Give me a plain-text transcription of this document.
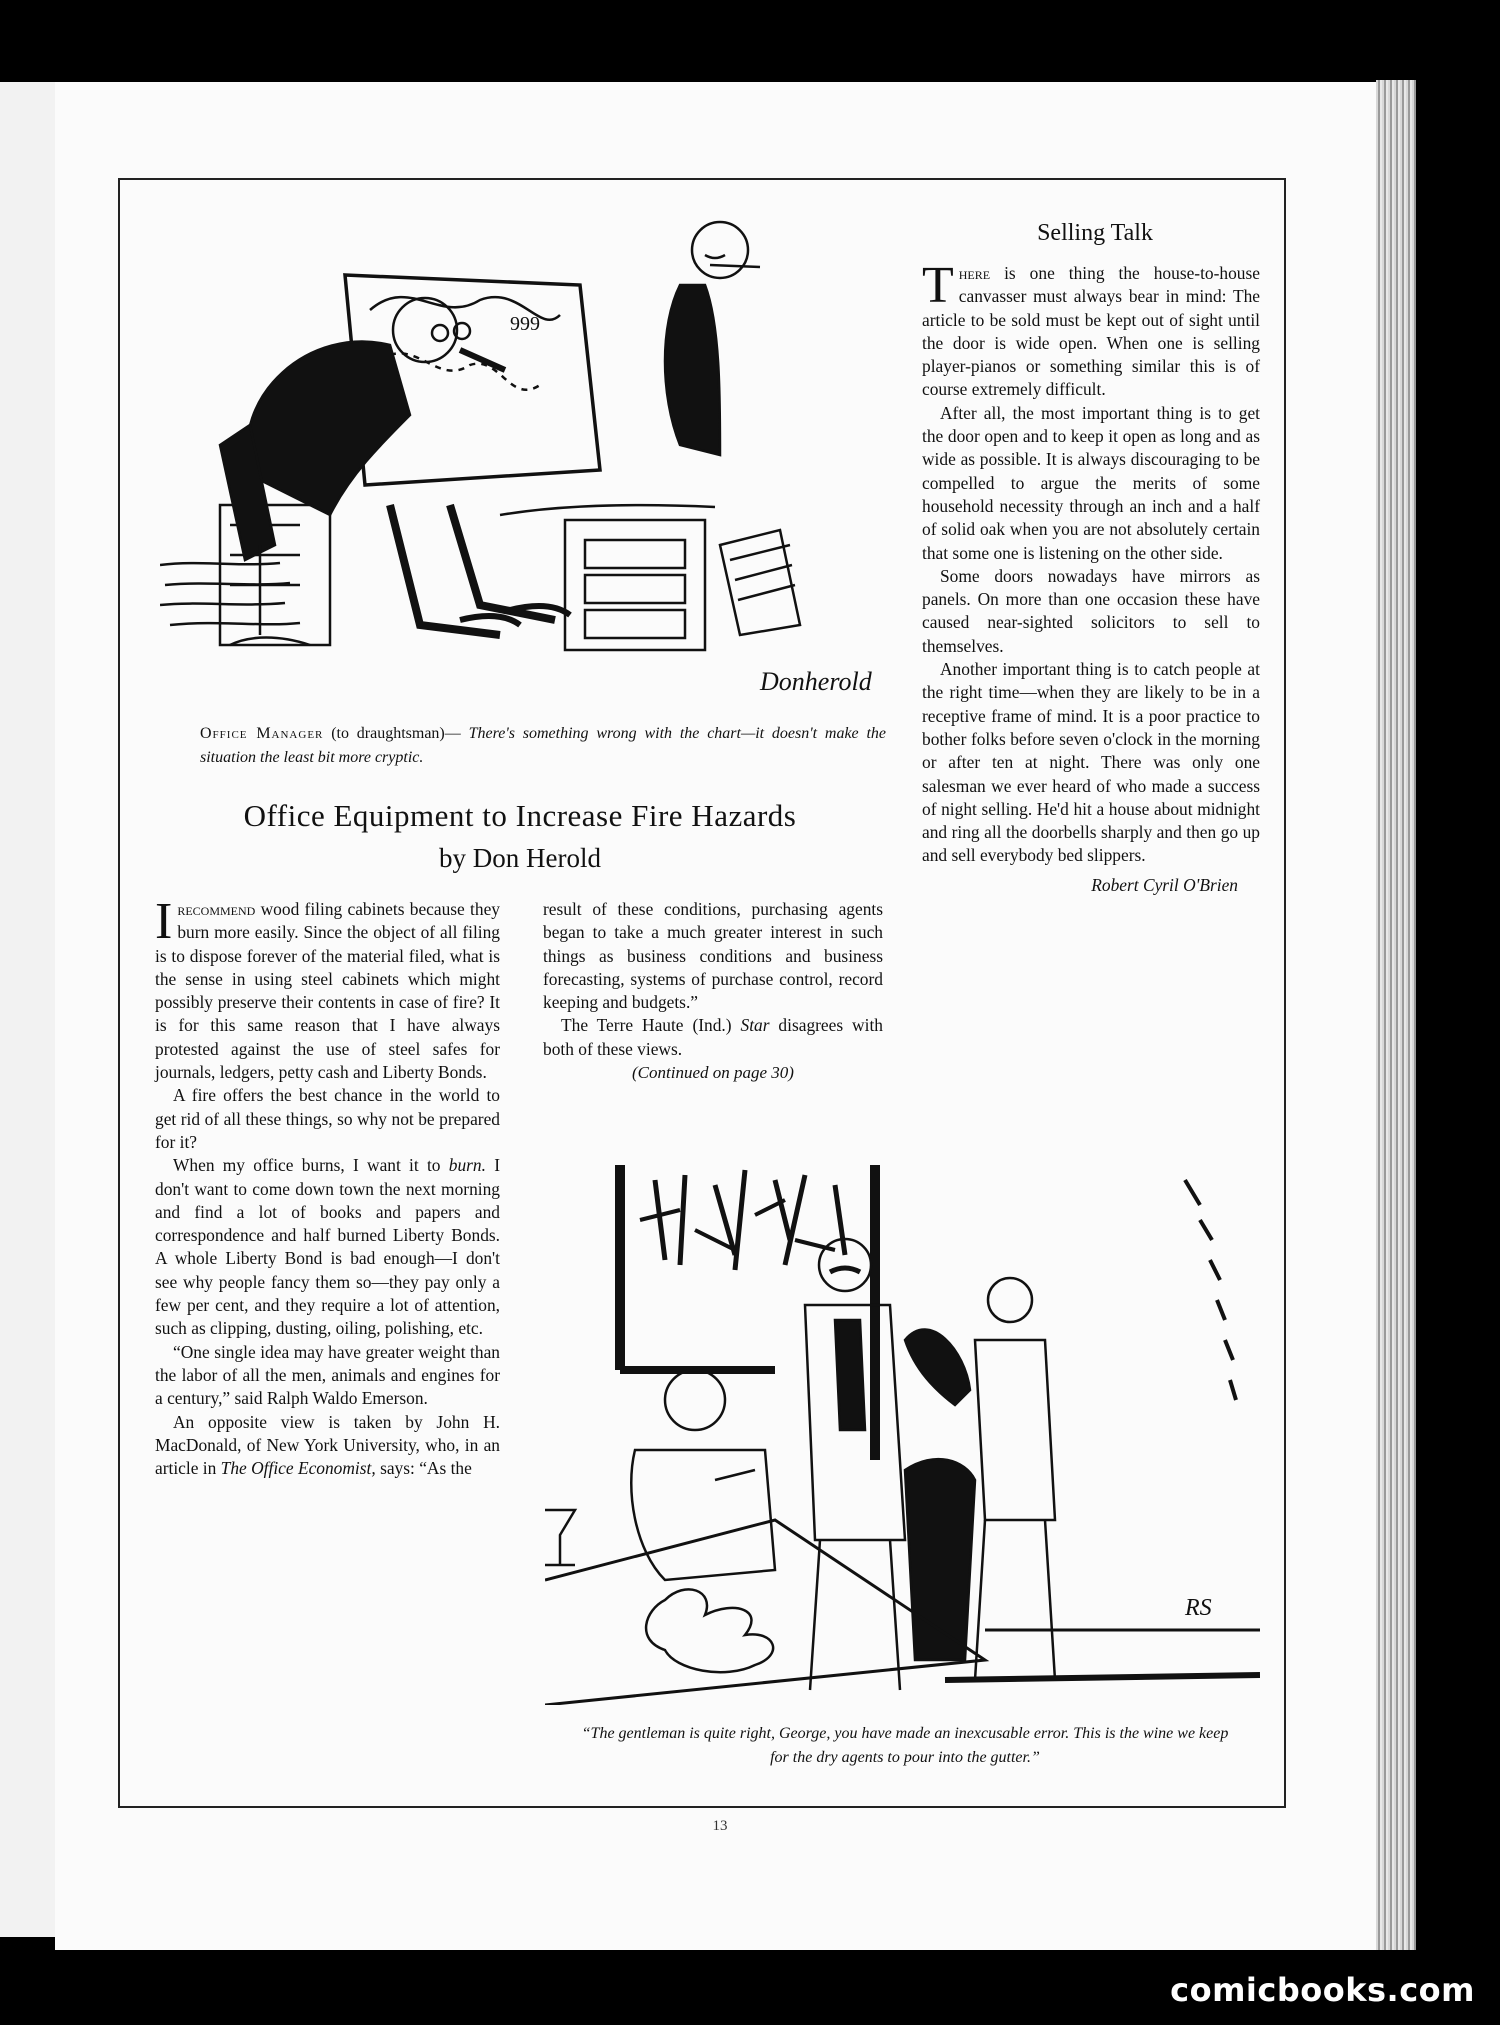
999
Donherold
Office Manager (to draughtsman)— There's something wrong with the chart—it doesn't make the situation the least bit more cryptic.
Office Equipment to Increase Fire Hazards
by Don Herold

Irecommend wood filing cabinets because they burn more easily. Since the object of all filing is to dispose forever of the material filed, what is the sense in using steel cabinets which might possibly preserve their contents in case of fire? It is for this same reason that I have always protested against the use of steel safes for journals, ledgers, petty cash and Liberty Bonds.

A fire offers the best chance in the world to get rid of all these things, so why not be prepared for it?

When my office burns, I want it to burn. I don't want to come down town the next morning and find a lot of books and papers and correspondence and half burned Liberty Bonds. A whole Liberty Bond is bad enough—I don't see why people fancy them so—they pay only a few per cent, and they require a lot of attention, such as clipping, dusting, oiling, polishing, etc.

“One single idea may have greater weight than the labor of all the men, animals and engines for a century,” said Ralph Waldo Emerson.

An opposite view is taken by John H. MacDonald, of New York University, who, in an article in The Office Economist, says: “As the

result of these conditions, purchasing agents began to take a much greater interest in such things as business conditions and business forecasting, systems of purchase control, record keeping and budgets.”

The Terre Haute (Ind.) Star disagrees with both of these views.

(Continued on page 30)
Selling Talk

There is one thing the house-to-house canvasser must always bear in mind: The article to be sold must be kept out of sight until the door is wide open. When one is selling player-pianos or something similar this is of course extremely difficult.

After all, the most important thing is to get the door open and to keep it open as long and as wide as possible. It is always discouraging to be compelled to argue the merits of some household necessity through an inch and a half of solid oak when you are not absolutely certain that some one is listening on the other side.

Some doors nowadays have mirrors as panels. On more than one occasion these have caused near-sighted solicitors to sell to themselves.

Another important thing is to catch people at the right time—when they are likely to be in a receptive frame of mind. It is a poor practice to bother folks before seven o'clock in the morning or after ten at night. There was only one salesman we ever heard of who made a success of night selling. He'd hit a house about midnight and ring all the doorbells sharply and then go up and sell everybody bed slippers.

Robert Cyril O'Brien
RS
“The gentleman is quite right, George, you have made an inexcusable error. This is the wine we keep for the dry agents to pour into the gutter.”
13
comicbooks.com
